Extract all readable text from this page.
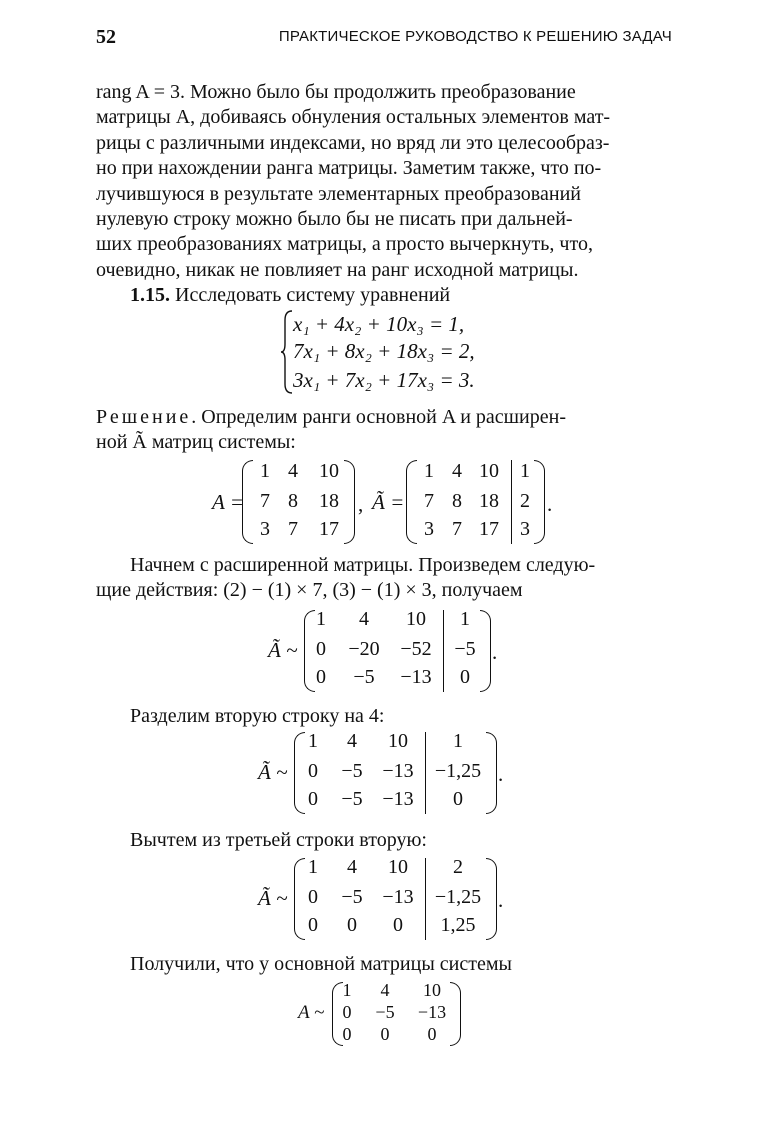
52	ПРАКТИЧЕСКОЕ РУКОВОДСТВО К РЕШЕНИЮ ЗАДАЧ
rang A = 3. Можно было бы продолжить преобразование
матрицы A, добиваясь обнуления остальных элементов мат-
рицы с различными индексами, но вряд ли это целесообраз-
но при нахождении ранга матрицы. Заметим также, что по-
лучившуюся в результате элементарных преобразований
нулевую строку можно было бы не писать при дальней-
ших преобразованиях матрицы, а просто вычеркнуть, что,
очевидно, никак не повлияет на ранг исходной матрицы.
1.15. Исследовать систему уравнений
x₁ + 4x₂ + 10x₃ = 1,
7x₁ + 8x₂ + 18x₃ = 2,
3x₁ + 7x₂ + 17x₃ = 3.
Решение. Определим ранги основной A и расширен-
ной Ã матриц системы:
A =
1 4 10
7 8 18
3 7 17
, Ã =
1 4 10 1
7 8 18 2
3 7 17 3
.
Начнем с расширенной матрицы. Произведем следую-
щие действия: (2) − (1) × 7, (3) − (1) × 3, получаем
Ã ~
1	4	10	1
0	−20	−52	−5
0	−5	−13	0
.
Разделим вторую строку на 4:
Ã ~
1	4	10	1
0	−5 −13	−1,25
0	−5 −13	0
.
Вычтем из третьей строки вторую:
Ã ~
1	4	10	2
0	−5 −13	−1,25
0	0	0	1,25
.
Получили, что у основной матрицы системы
A ~
1	4	10
0	−5	−13
0	0	0
